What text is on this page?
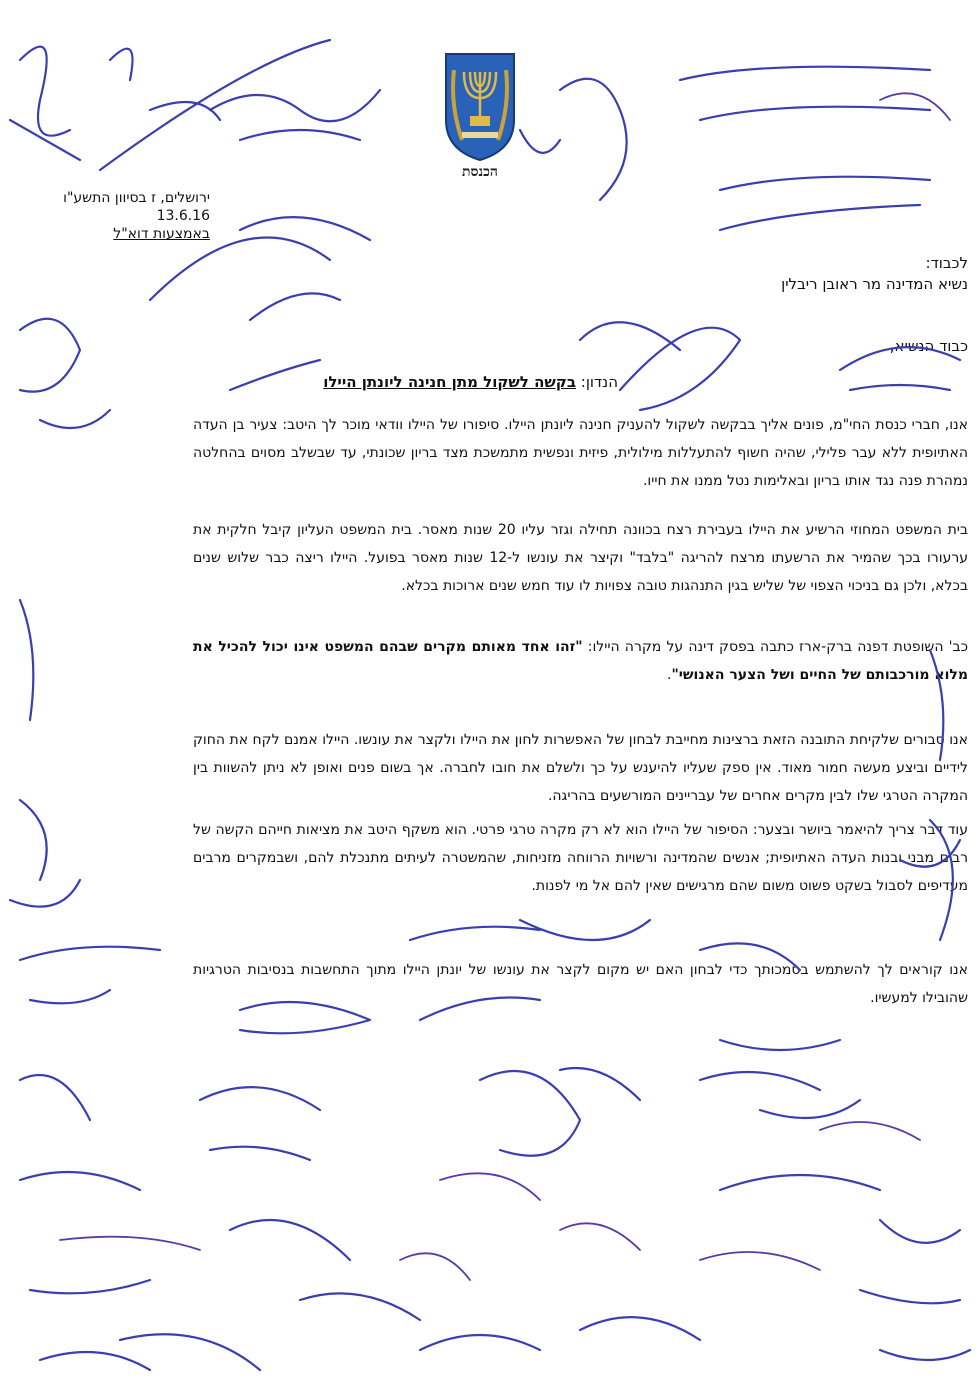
הכנסת
ירושלים, ז בסיוון התשע"ו
13.6.16
באמצעות דוא"ל
לכבוד:
נשיא המדינה מר ראובן ריבלין
כבוד הנשיא,
הנדון: בקשה לשקול מתן חנינה ליונתן היילו
אנו, חברי כנסת החי"מ, פונים אליך בבקשה לשקול להעניק חנינה ליונתן היילו. סיפורו של היילו וודאי מוכר לך היטב: צעיר בן העדה האתיופית ללא עבר פלילי, שהיה חשוף להתעללות מילולית, פיזית ונפשית מתמשכת מצד בריון שכונתי, עד שבשלב מסוים בהחלטה נמהרת פנה נגד אותו בריון ובאלימות נטל ממנו את חייו.
בית המשפט המחוזי הרשיע את היילו בעבירת רצח בכוונה תחילה וגזר עליו 20 שנות מאסר. בית המשפט העליון קיבל חלקית את ערעורו בכך שהמיר את הרשעתו מרצח להריגה "בלבד" וקיצר את עונשו ל-12 שנות מאסר בפועל. היילו ריצה כבר שלוש שנים בכלא, ולכן גם בניכוי הצפוי של שליש בגין התנהגות טובה צפויות לו עוד חמש שנים ארוכות בכלא.
כב' השופטת דפנה ברק-ארז כתבה בפסק דינה על מקרה היילו: "זהו אחד מאותם מקרים שבהם המשפט אינו יכול להכיל את מלוא מורכבותם של החיים ושל הצער האנושי".
אנו סבורים שלקיחת התובנה הזאת ברצינות מחייבת לבחון של האפשרות לחון את היילו ולקצר את עונשו. היילו אמנם לקח את החוק לידיים וביצע מעשה חמור מאוד. אין ספק שעליו להיענש על כך ולשלם את חובו לחברה. אך בשום פנים ואופן לא ניתן להשוות בין המקרה הטרגי שלו לבין מקרים אחרים של עבריינים המורשעים בהריגה.
עוד דבר צריך להיאמר ביושר ובצער: הסיפור של היילו הוא לא רק מקרה טרגי פרטי. הוא משקף היטב את מציאות חייהם הקשה של רבים מבני ובנות העדה האתיופית; אנשים שהמדינה ורשויות הרווחה מזניחות, שהמשטרה לעיתים מתנכלת להם, ושבמקרים מרבים מעדיפים לסבול בשקט פשוט משום שהם מרגישים שאין להם אל מי לפנות.
אנו קוראים לך להשתמש בסמכותך כדי לבחון האם יש מקום לקצר את עונשו של יונתן היילו מתוך התחשבות בנסיבות הטרגיות שהובילו למעשיו.
